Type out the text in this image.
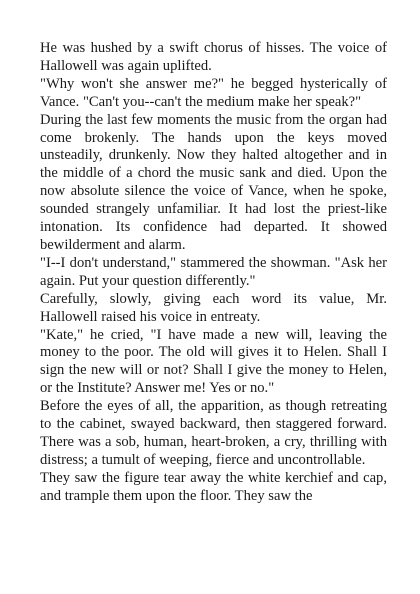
He was hushed by a swift chorus of hisses. The voice of Hallowell was again uplifted.

"Why won't she answer me?" he begged hysterically of Vance. "Can't you--can't the medium make her speak?"

During the last few moments the music from the organ had come brokenly. The hands upon the keys moved unsteadily, drunkenly. Now they halted altogether and in the middle of a chord the music sank and died. Upon the now absolute silence the voice of Vance, when he spoke, sounded strangely unfamiliar. It had lost the priest-like intonation. Its confidence had departed. It showed bewilderment and alarm.

"I--I don't understand," stammered the showman. "Ask her again. Put your question differently."

Carefully, slowly, giving each word its value, Mr. Hallowell raised his voice in entreaty.

"Kate," he cried, "I have made a new will, leaving the money to the poor. The old will gives it to Helen. Shall I sign the new will or not? Shall I give the money to Helen, or the Institute? Answer me! Yes or no."

Before the eyes of all, the apparition, as though retreating to the cabinet, swayed backward, then staggered forward. There was a sob, human, heart-broken, a cry, thrilling with distress; a tumult of weeping, fierce and uncontrollable.

They saw the figure tear away the white kerchief and cap, and trample them upon the floor. They saw the
